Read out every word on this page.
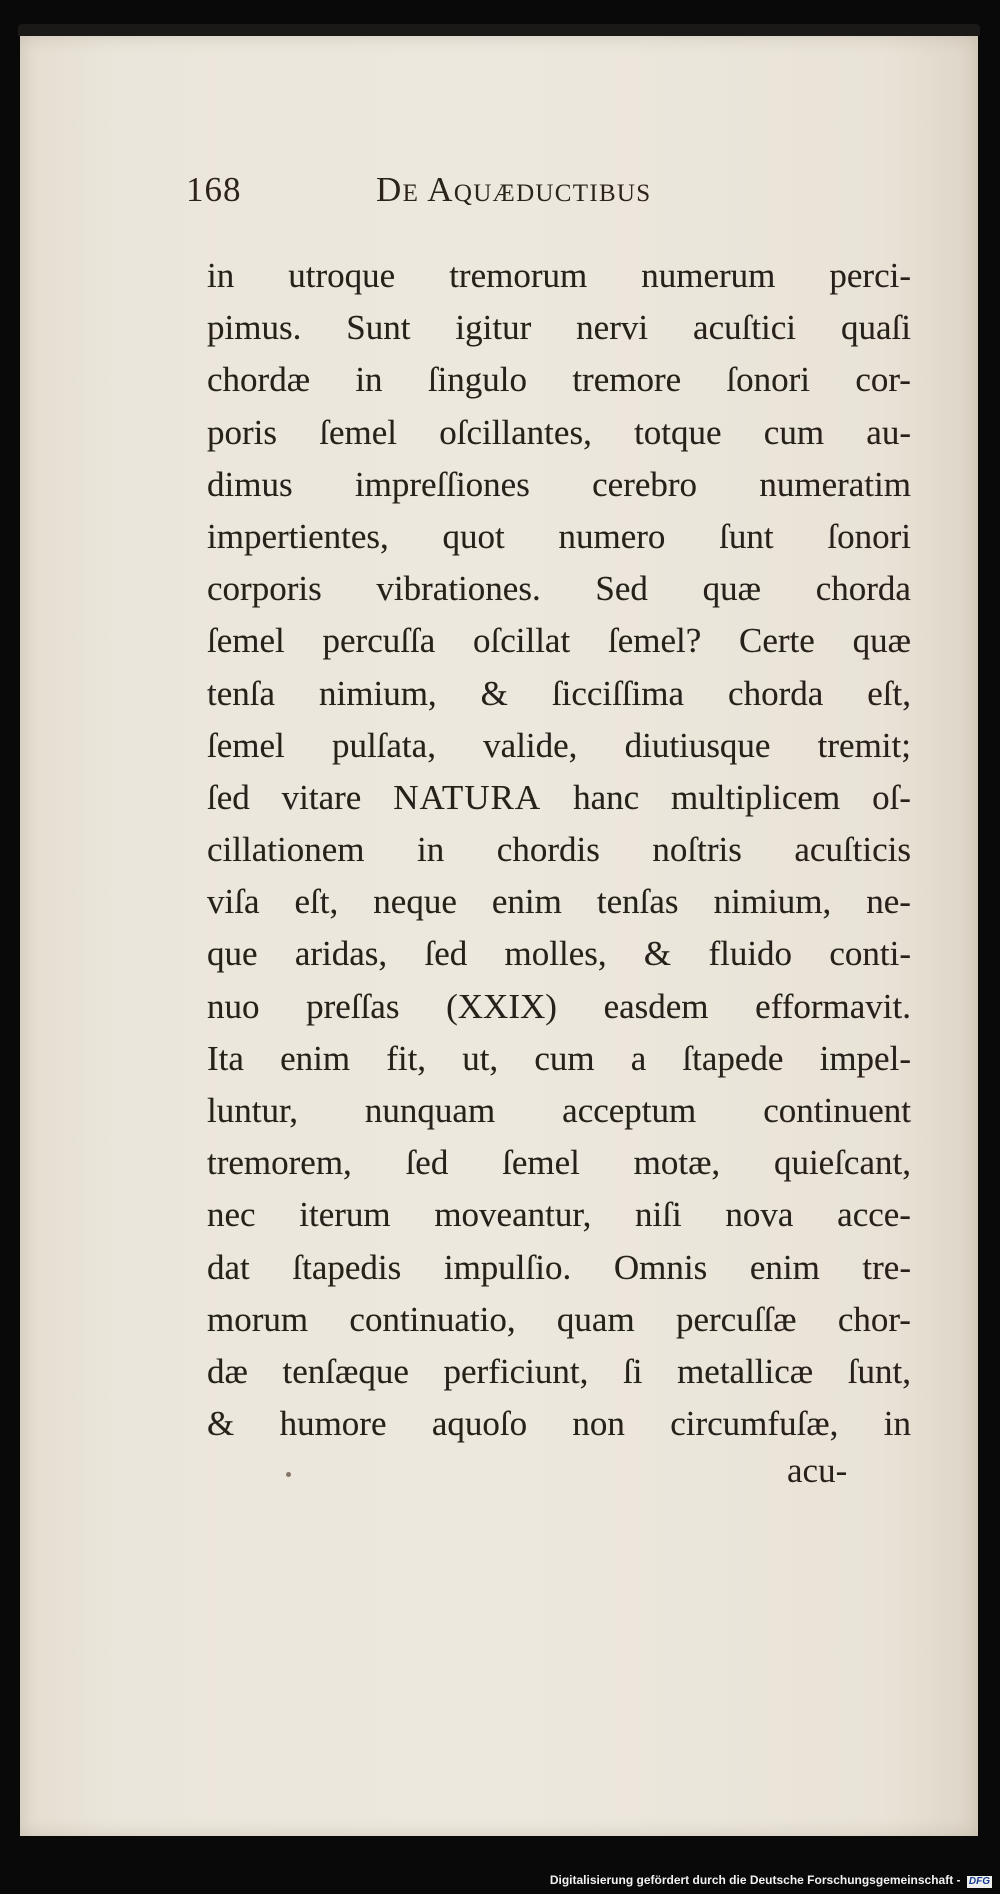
168	De Aquæductibus
in utroque tremorum numerum perci-
pimus. Sunt igitur nervi acuſtici quaſi
chordæ in ſingulo tremore ſonori cor-
poris ſemel oſcillantes, totque cum au-
dimus impreſſiones cerebro numeratim
impertientes, quot numero ſunt ſonori
corporis vibrationes. Sed quæ chorda
ſemel percuſſa oſcillat ſemel? Certe quæ
tenſa nimium, & ſicciſſima chorda eſt,
ſemel pulſata, valide, diutiusque tremit;
ſed vitare NATURA hanc multiplicem oſ-
cillationem in chordis noſtris acuſticis
viſa eſt, neque enim tenſas nimium, ne-
que aridas, ſed molles, & fluido conti-
nuo preſſas (XXIX) easdem efformavit.
Ita enim fit, ut, cum a ſtapede impel-
luntur, nunquam acceptum continuent
tremorem, ſed ſemel motæ, quieſcant,
nec iterum moveantur, niſi nova acce-
dat ſtapedis impulſio. Omnis enim tre-
morum continuatio, quam percuſſæ chor-
dæ tenſæque perficiunt, ſi metallicæ ſunt,
& humore aquoſo non circumfuſæ, in
acu-
Digitalisierung gefördert durch die Deutsche Forschungsgemeinschaft - DFG
